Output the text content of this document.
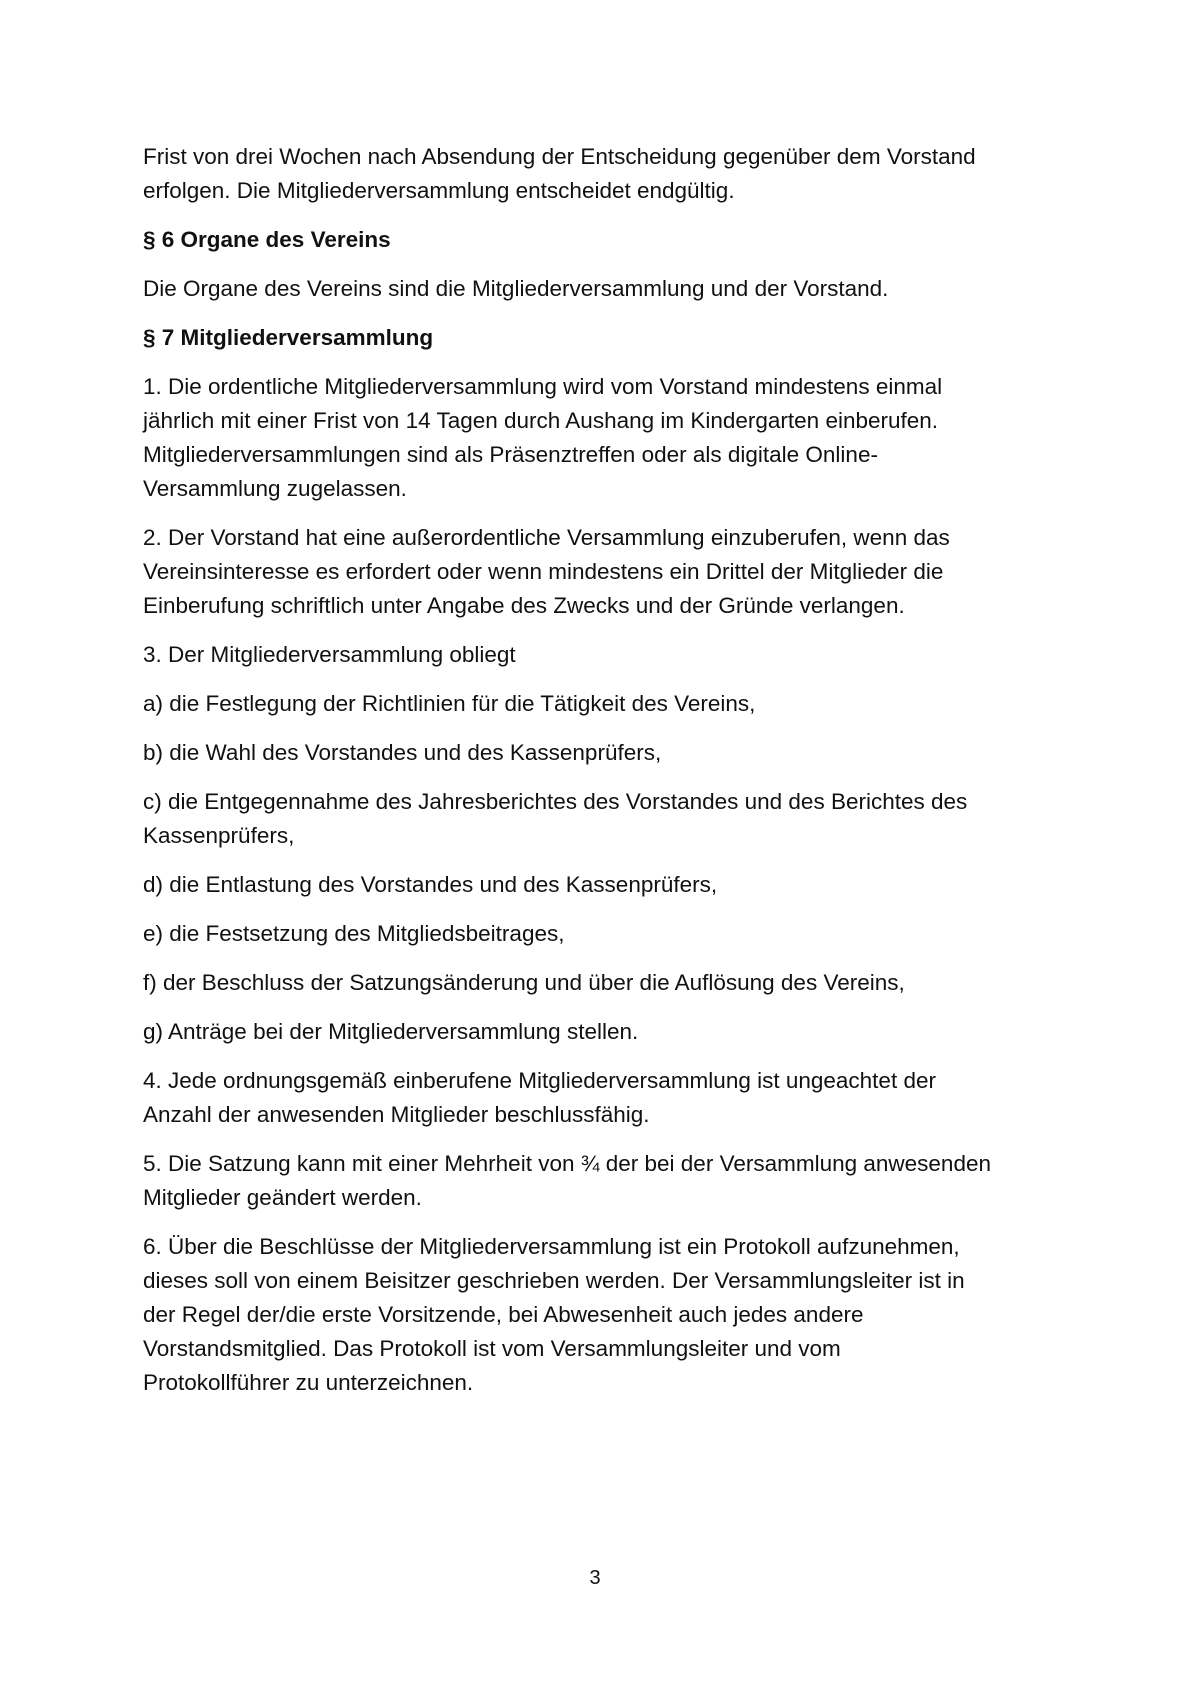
Frist von drei Wochen nach Absendung der Entscheidung gegenüber dem Vorstand
erfolgen. Die Mitgliederversammlung entscheidet endgültig.

§ 6 Organe des Vereins

Die Organe des Vereins sind die Mitgliederversammlung und der Vorstand.

§ 7 Mitgliederversammlung

1. Die ordentliche Mitgliederversammlung wird vom Vorstand mindestens einmal
jährlich mit einer Frist von 14 Tagen durch Aushang im Kindergarten einberufen.
Mitgliederversammlungen sind als Präsenztreffen oder als digitale Online-
Versammlung zugelassen.

2. Der Vorstand hat eine außerordentliche Versammlung einzuberufen, wenn das
Vereinsinteresse es erfordert oder wenn mindestens ein Drittel der Mitglieder die
Einberufung schriftlich unter Angabe des Zwecks und der Gründe verlangen.

3. Der Mitgliederversammlung obliegt

a) die Festlegung der Richtlinien für die Tätigkeit des Vereins,

b) die Wahl des Vorstandes und des Kassenprüfers,

c) die Entgegennahme des Jahresberichtes des Vorstandes und des Berichtes des
Kassenprüfers,

d) die Entlastung des Vorstandes und des Kassenprüfers,

e) die Festsetzung des Mitgliedsbeitrages,

f) der Beschluss der Satzungsänderung und über die Auflösung des Vereins,

g) Anträge bei der Mitgliederversammlung stellen.

4. Jede ordnungsgemäß einberufene Mitgliederversammlung ist ungeachtet der
Anzahl der anwesenden Mitglieder beschlussfähig.

5. Die Satzung kann mit einer Mehrheit von ¾ der bei der Versammlung anwesenden
Mitglieder geändert werden.

6. Über die Beschlüsse der Mitgliederversammlung ist ein Protokoll aufzunehmen,
dieses soll von einem Beisitzer geschrieben werden. Der Versammlungsleiter ist in
der Regel der/die erste Vorsitzende, bei Abwesenheit auch jedes andere
Vorstandsmitglied. Das Protokoll ist vom Versammlungsleiter und vom
Protokollführer zu unterzeichnen.

3
